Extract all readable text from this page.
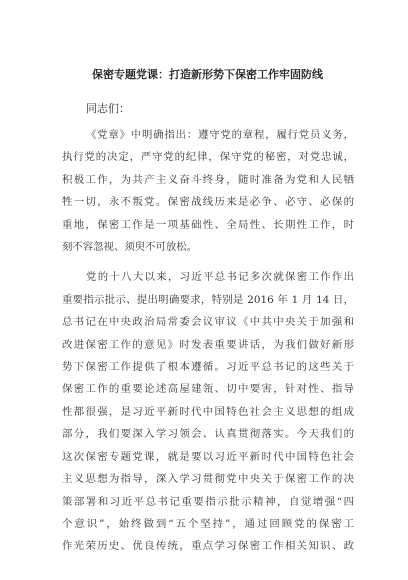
保密专题党课：打造新形势下保密工作牢固防线
同志们：
《党章》中明确指出：遵守党的章程，履行党员义务，
执行党的决定，严守党的纪律，保守党的秘密，对党忠诚，
积极工作，为共产主义奋斗终身，随时准备为党和人民牺
牲一切，永不叛党。保密战线历来是必争、必守、必保的
重地，保密工作是一项基础性、全局性、长期性工作，时
刻不容忽视、须臾不可放松。
党的十八大以来，习近平总书记多次就保密工作作出
重要指示批示、提出明确要求，特别是 2016 年 1 月 14 日，
总书记在中央政治局常委会议审议《中共中央关于加强和
改进保密工作的意见》时发表重要讲话，为我们做好新形
势下保密工作提供了根本遵循。习近平总书记的这些关于
保密工作的重要论述高屋建瓴、切中要害，针对性、指导
性都很强，是习近平新时代中国特色社会主义思想的组成
部分，我们要深入学习领会、认真贯彻落实。今天我们的
这次保密专题党课，就是要以习近平新时代中国特色社会
主义思想为指导，深入学习贯彻党中央关于保密工作的决
策部署和习近平总书记重要指示批示精神，自觉增强“四
个意识”，始终做到“五个坚持”，通过回顾党的保密工
作光荣历史、优良传统，重点学习保密工作相关知识、政
